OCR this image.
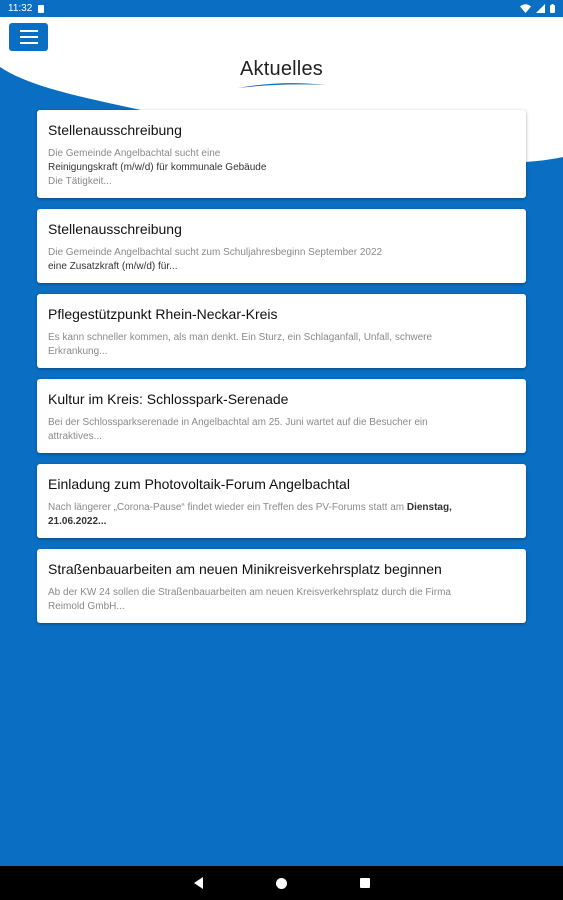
11:32
Aktuelles
Stellenausschreibung
Die Gemeinde Angelbachtal sucht eine
Reinigungskraft (m/w/d) für kommunale Gebäude
Die Tätigkeit...
Stellenausschreibung
Die Gemeinde Angelbachtal sucht zum Schuljahresbeginn September 2022
eine Zusatzkraft (m/w/d) für...
Pflegestützpunkt Rhein-Neckar-Kreis
Es kann schneller kommen, als man denkt. Ein Sturz, ein Schlaganfall, Unfall, schwere
Erkrankung...
Kultur im Kreis: Schlosspark-Serenade
Bei der Schlossparkserenade in Angelbachtal am 25. Juni wartet auf die Besucher ein
attraktives...
Einladung zum Photovoltaik-Forum Angelbachtal
Nach längerer „Corona-Pause“ findet wieder ein Treffen des PV-Forums statt am Dienstag,
21.06.2022...
Straßenbauarbeiten am neuen Minikreisverkehrsplatz beginnen
Ab der KW 24 sollen die Straßenbauarbeiten am neuen Kreisverkehrsplatz durch die Firma
Reimold GmbH...
